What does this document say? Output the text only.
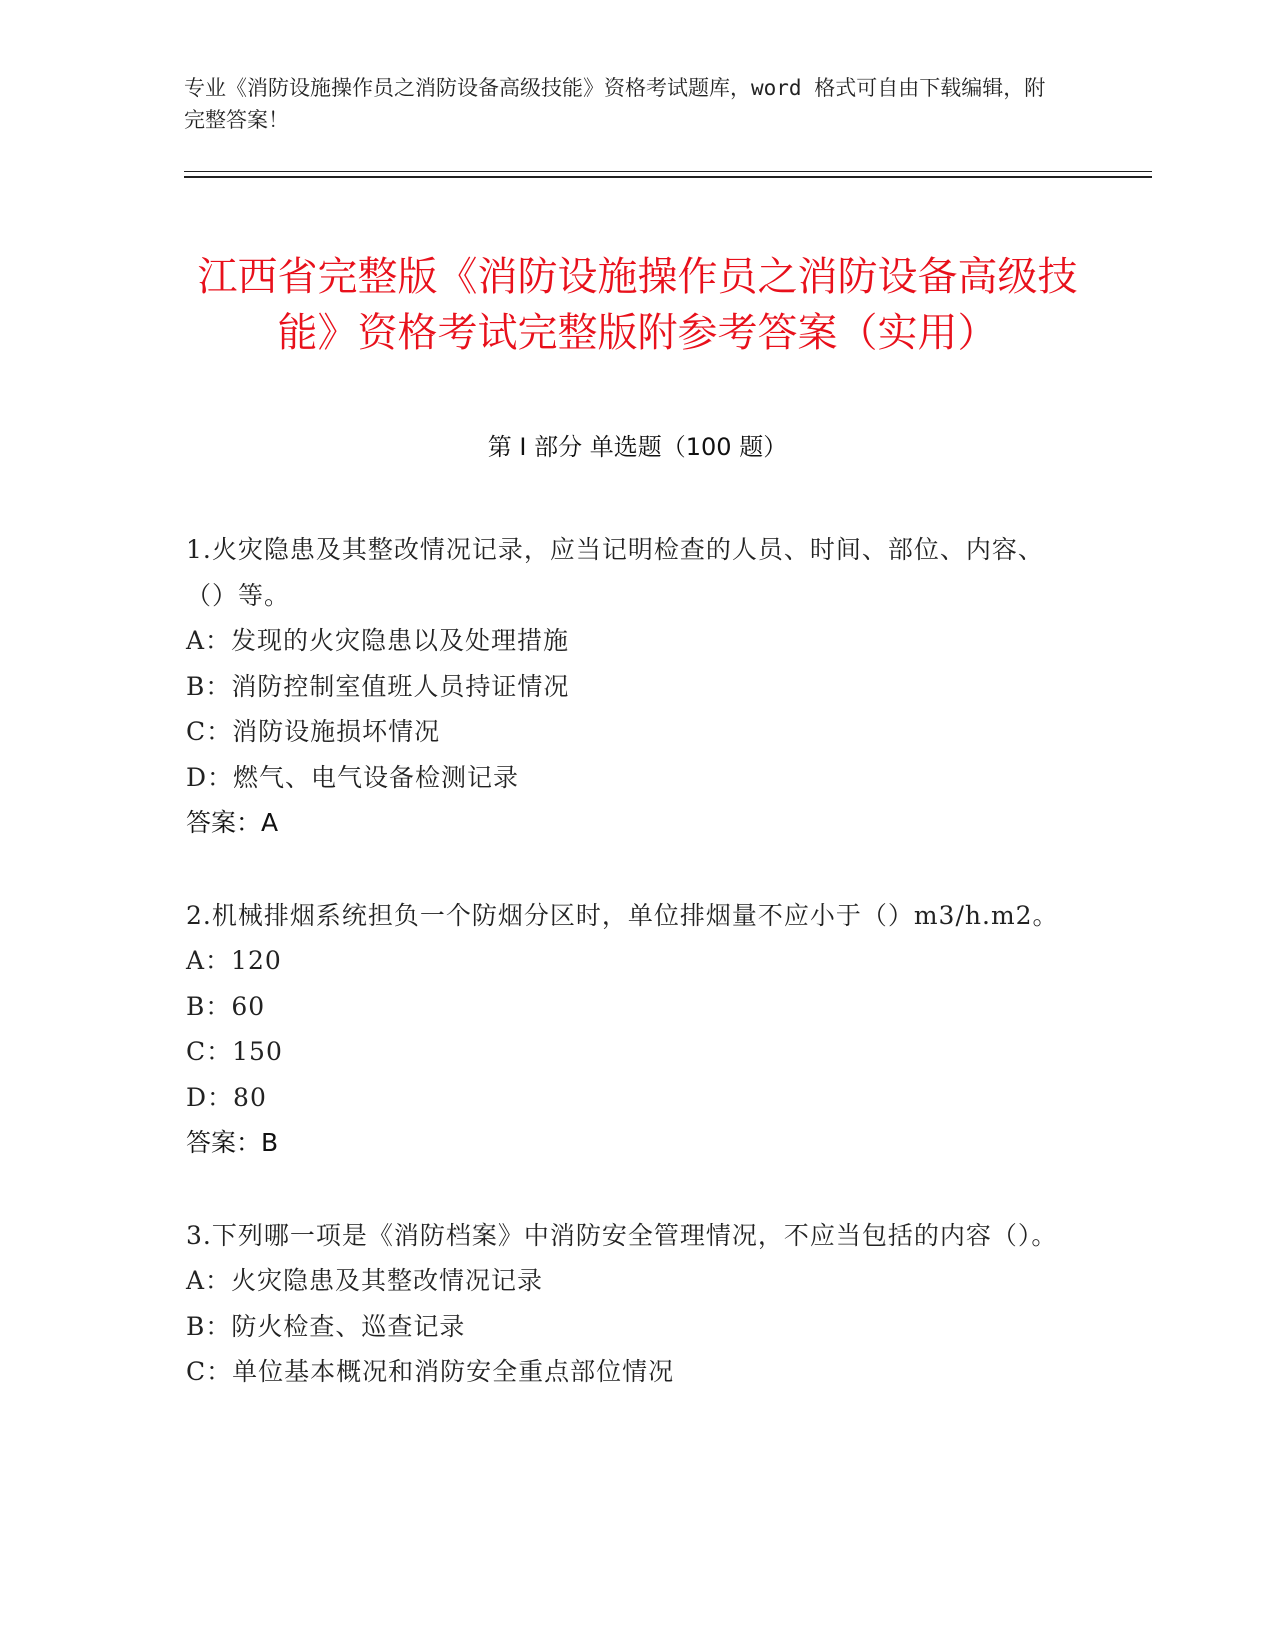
专业《消防设施操作员之消防设备高级技能》资格考试题库，word 格式可自由下载编辑，附完整答案！
江西省完整版《消防设施操作员之消防设备高级技能》资格考试完整版附参考答案（实用）
第 I 部分 单选题（100 题）
1.火灾隐患及其整改情况记录，应当记明检查的人员、时间、部位、内容、（）等。
A：发现的火灾隐患以及处理措施
B：消防控制室值班人员持证情况
C：消防设施损坏情况
D：燃气、电气设备检测记录
答案：A
2.机械排烟系统担负一个防烟分区时，单位排烟量不应小于（）m3/h.m2。
A：120
B：60
C：150
D：80
答案：B
3.下列哪一项是《消防档案》中消防安全管理情况，不应当包括的内容（）。
A：火灾隐患及其整改情况记录
B：防火检查、巡查记录
C：单位基本概况和消防安全重点部位情况
